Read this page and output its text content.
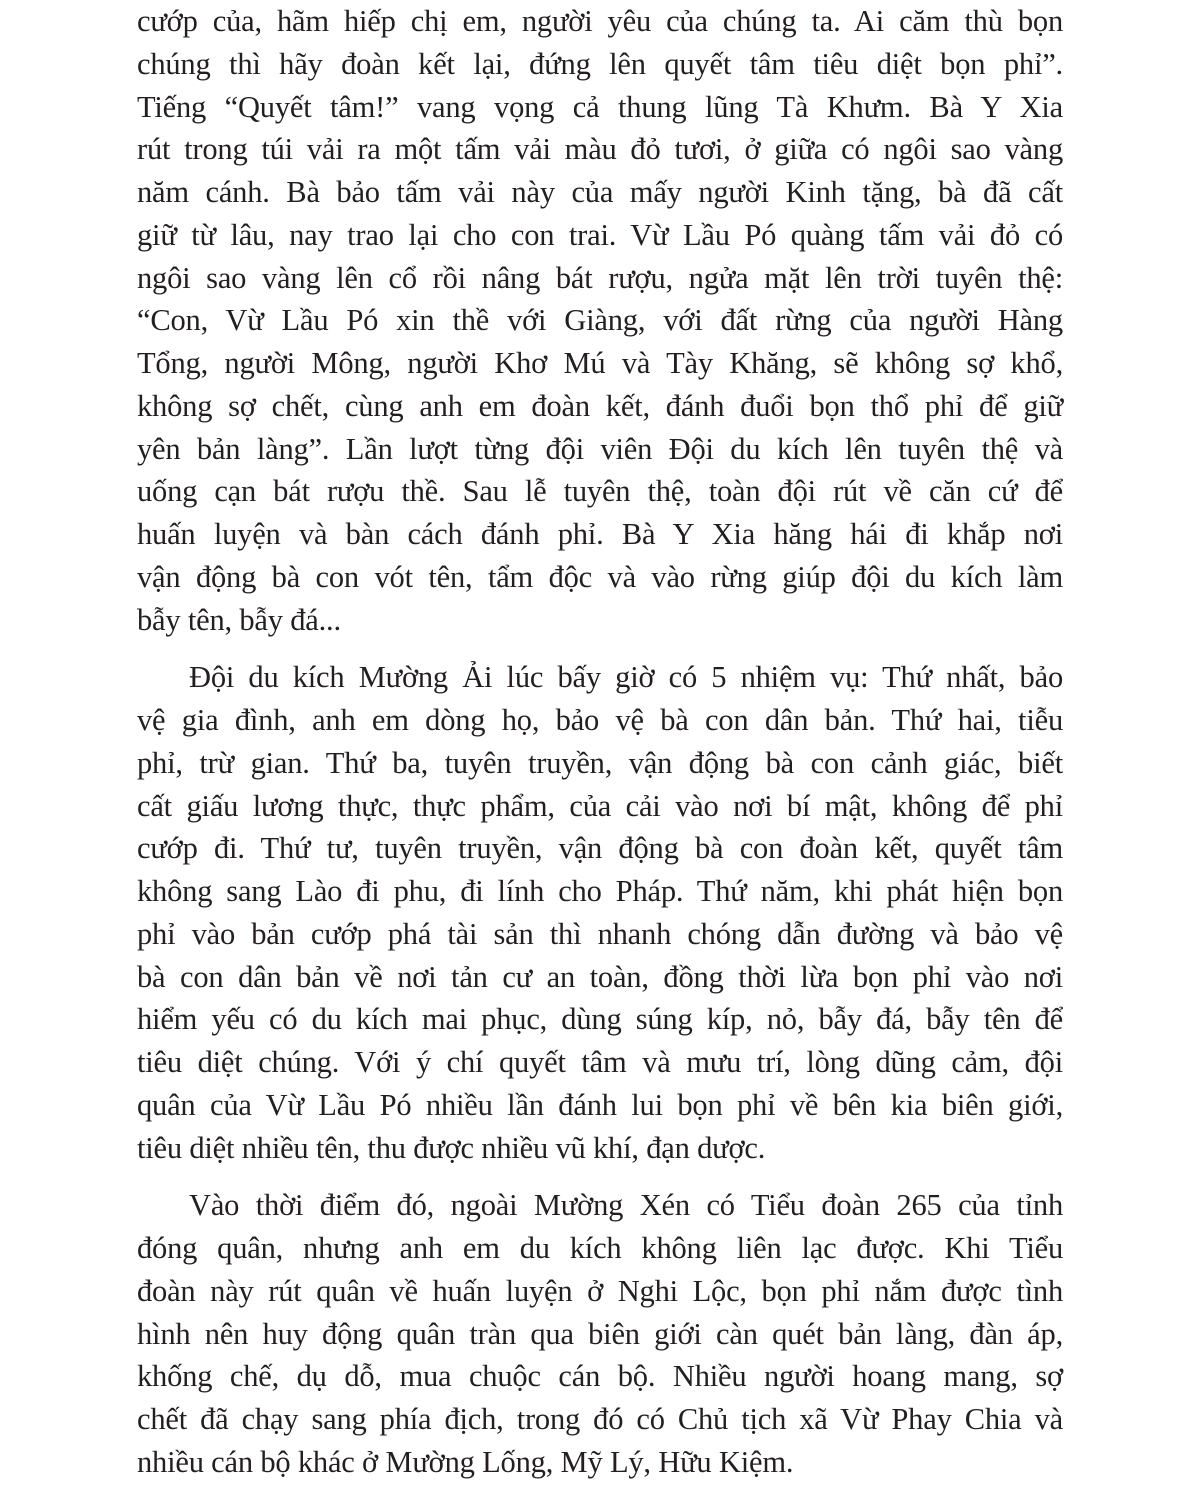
cướp của, hãm hiếp chị em, người yêu của chúng ta. Ai căm thù bọn
chúng thì hãy đoàn kết lại, đứng lên quyết tâm tiêu diệt bọn phỉ”.
Tiếng “Quyết tâm!” vang vọng cả thung lũng Tà Khưm. Bà Y Xia
rút trong túi vải ra một tấm vải màu đỏ tươi, ở giữa có ngôi sao vàng
năm cánh. Bà bảo tấm vải này của mấy người Kinh tặng, bà đã cất
giữ từ lâu, nay trao lại cho con trai. Vừ Lầu Pó quàng tấm vải đỏ có
ngôi sao vàng lên cổ rồi nâng bát rượu, ngửa mặt lên trời tuyên thệ:
“Con, Vừ Lầu Pó xin thề với Giàng, với đất rừng của người Hàng
Tổng, người Mông, người Khơ Mú và Tày Khăng, sẽ không sợ khổ,
không sợ chết, cùng anh em đoàn kết, đánh đuổi bọn thổ phỉ để giữ
yên bản làng”. Lần lượt từng đội viên Đội du kích lên tuyên thệ và
uống cạn bát rượu thề. Sau lễ tuyên thệ, toàn đội rút về căn cứ để
huấn luyện và bàn cách đánh phỉ. Bà Y Xia hăng hái đi khắp nơi
vận động bà con vót tên, tẩm độc và vào rừng giúp đội du kích làm
bẫy tên, bẫy đá...
Đội du kích Mường Ải lúc bấy giờ có 5 nhiệm vụ: Thứ nhất, bảo
vệ gia đình, anh em dòng họ, bảo vệ bà con dân bản. Thứ hai, tiễu
phỉ, trừ gian. Thứ ba, tuyên truyền, vận động bà con cảnh giác, biết
cất giấu lương thực, thực phẩm, của cải vào nơi bí mật, không để phỉ
cướp đi. Thứ tư, tuyên truyền, vận động bà con đoàn kết, quyết tâm
không sang Lào đi phu, đi lính cho Pháp. Thứ năm, khi phát hiện bọn
phỉ vào bản cướp phá tài sản thì nhanh chóng dẫn đường và bảo vệ
bà con dân bản về nơi tản cư an toàn, đồng thời lừa bọn phỉ vào nơi
hiểm yếu có du kích mai phục, dùng súng kíp, nỏ, bẫy đá, bẫy tên để
tiêu diệt chúng. Với ý chí quyết tâm và mưu trí, lòng dũng cảm, đội
quân của Vừ Lầu Pó nhiều lần đánh lui bọn phỉ về bên kia biên giới,
tiêu diệt nhiều tên, thu được nhiều vũ khí, đạn dược.
Vào thời điểm đó, ngoài Mường Xén có Tiểu đoàn 265 của tỉnh
đóng quân, nhưng anh em du kích không liên lạc được. Khi Tiểu
đoàn này rút quân về huấn luyện ở Nghi Lộc, bọn phỉ nắm được tình
hình nên huy động quân tràn qua biên giới càn quét bản làng, đàn áp,
khống chế, dụ dỗ, mua chuộc cán bộ. Nhiều người hoang mang, sợ
chết đã chạy sang phía địch, trong đó có Chủ tịch xã Vừ Phay Chia và
nhiều cán bộ khác ở Mường Lống, Mỹ Lý, Hữu Kiệm.
